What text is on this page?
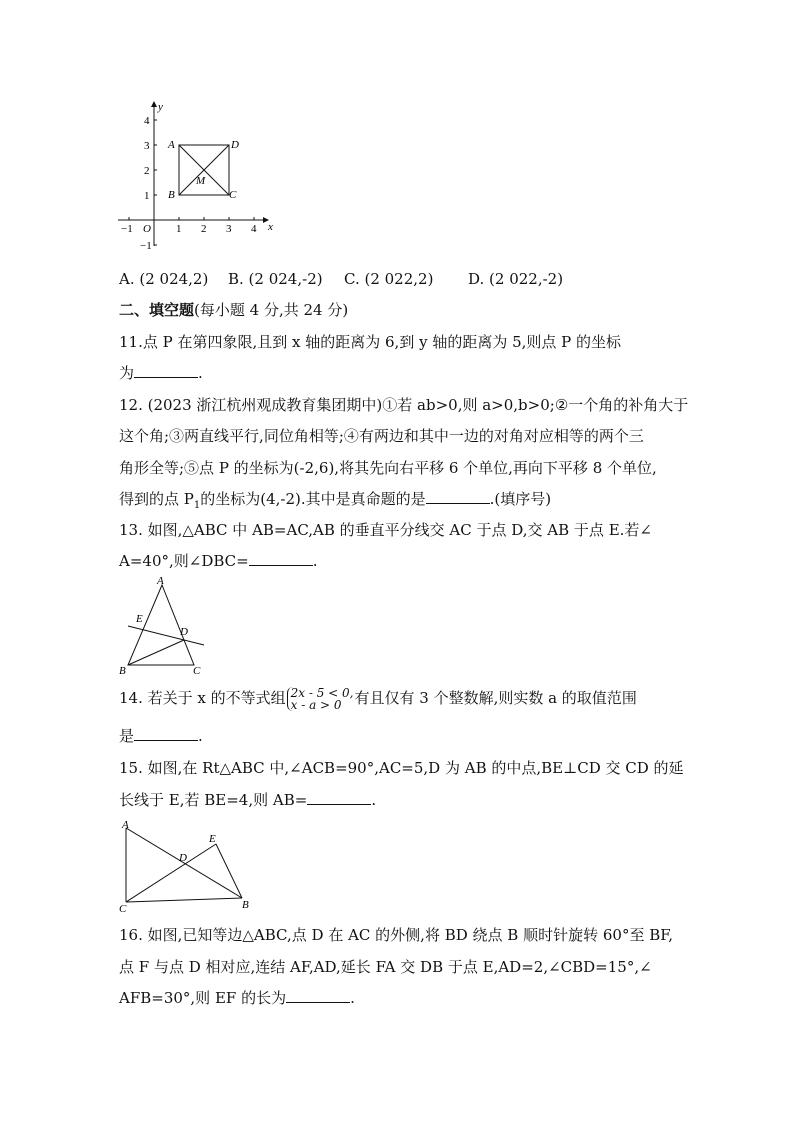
y
x
O
−1	1 2 3 4
4
3
2
1
−1
A	D
B	C
M
A. (2 024,2) B. (2 024,-2) C. (2 022,2) D. (2 022,-2)
二、填空题(每小题 4 分,共 24 分)
11.点 P 在第四象限,且到 x 轴的距离为 6,到 y 轴的距离为 5,则点 P 的坐标
为	.
12. (2023 浙江杭州观成教育集团期中)①若 ab>0,则 a>0,b>0;②一个角的补角大于
这个角;③两直线平行,同位角相等;④有两边和其中一边的对角对应相等的两个三
角形全等;⑤点 P 的坐标为(-2,6),将其先向右平移 6 个单位,再向下平移 8 个单位,
得到的点 $P_1$的坐标为(4,-2).其中是真命题的是	.(填序号)
13. 如图,△ABC 中 AB=AC,AB 的垂直平分线交 AC 于点 D,交 AB 于点 E.若∠
A=40°,则∠DBC=	.
A
E
D
B	C
14. 若关于 x 的不等式组 2x - 5 < 0,
x - a > 0 有且仅有 3 个整数解,则实数 a 的取值范围
是	.
15. 如图,在 Rt△ABC 中,∠ACB=90°,AC=5,D 为 AB 的中点,BE⊥CD 交 CD 的延
长线于 E,若 BE=4,则 AB=	.
A
C	B
D
E
16. 如图,已知等边△ABC,点 D 在 AC 的外侧,将 BD 绕点 B 顺时针旋转 60°至 BF,
点 F 与点 D 相对应,连结 AF,AD,延长 FA 交 DB 于点 E,AD=2,∠CBD=15°,∠
AFB=30°,则 EF 的长为	.
